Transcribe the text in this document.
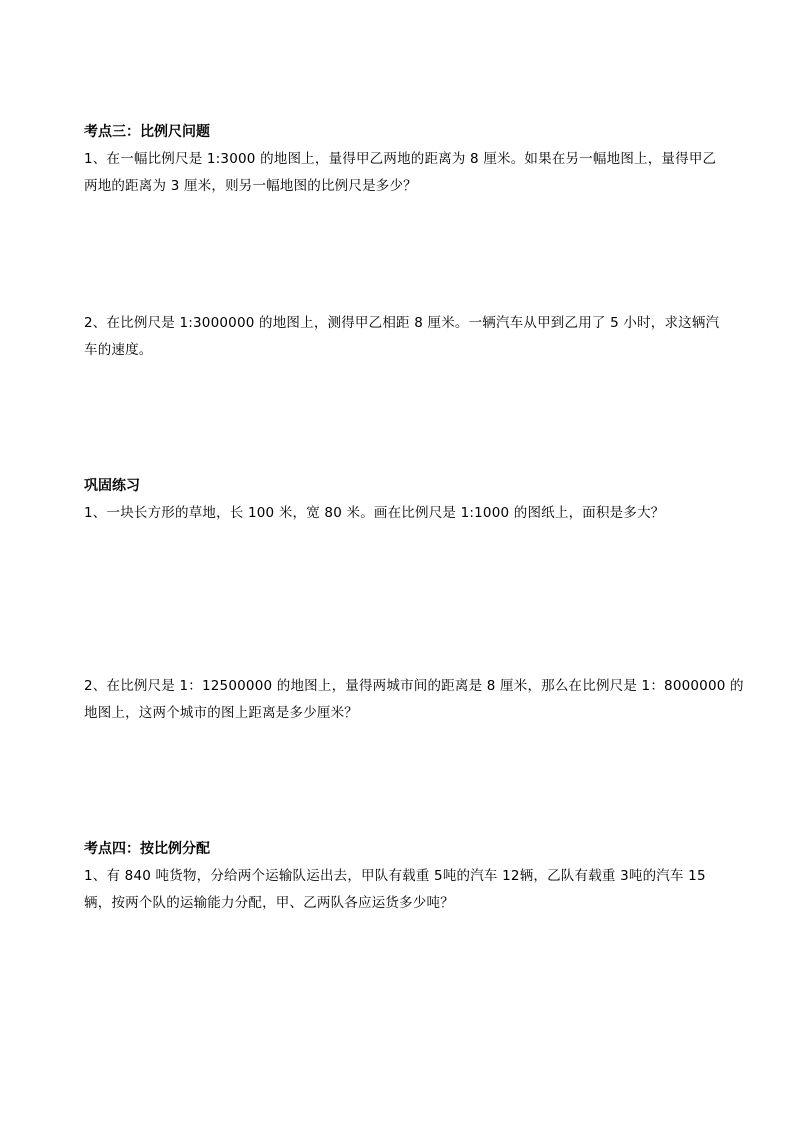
考点三：比例尺问题
1、在一幅比例尺是 1:3000 的地图上，量得甲乙两地的距离为 8 厘米。如果在另一幅地图上，量得甲乙
两地的距离为 3 厘米，则另一幅地图的比例尺是多少？
2、在比例尺是 1:3000000 的地图上，测得甲乙相距 8 厘米。一辆汽车从甲到乙用了 5 小时，求这辆汽
车的速度。
巩固练习
1、一块长方形的草地，长 100 米，宽 80 米。画在比例尺是 1:1000 的图纸上，面积是多大？
2、在比例尺是 1：12500000 的地图上，量得两城市间的距离是 8 厘米，那么在比例尺是 1：8000000 的
地图上，这两个城市的图上距离是多少厘米？
考点四：按比例分配
1、有 840 吨货物，分给两个运输队运出去，甲队有载重 5吨的汽车 12辆，乙队有载重 3吨的汽车 15
辆，按两个队的运输能力分配，甲、乙两队各应运货多少吨？
